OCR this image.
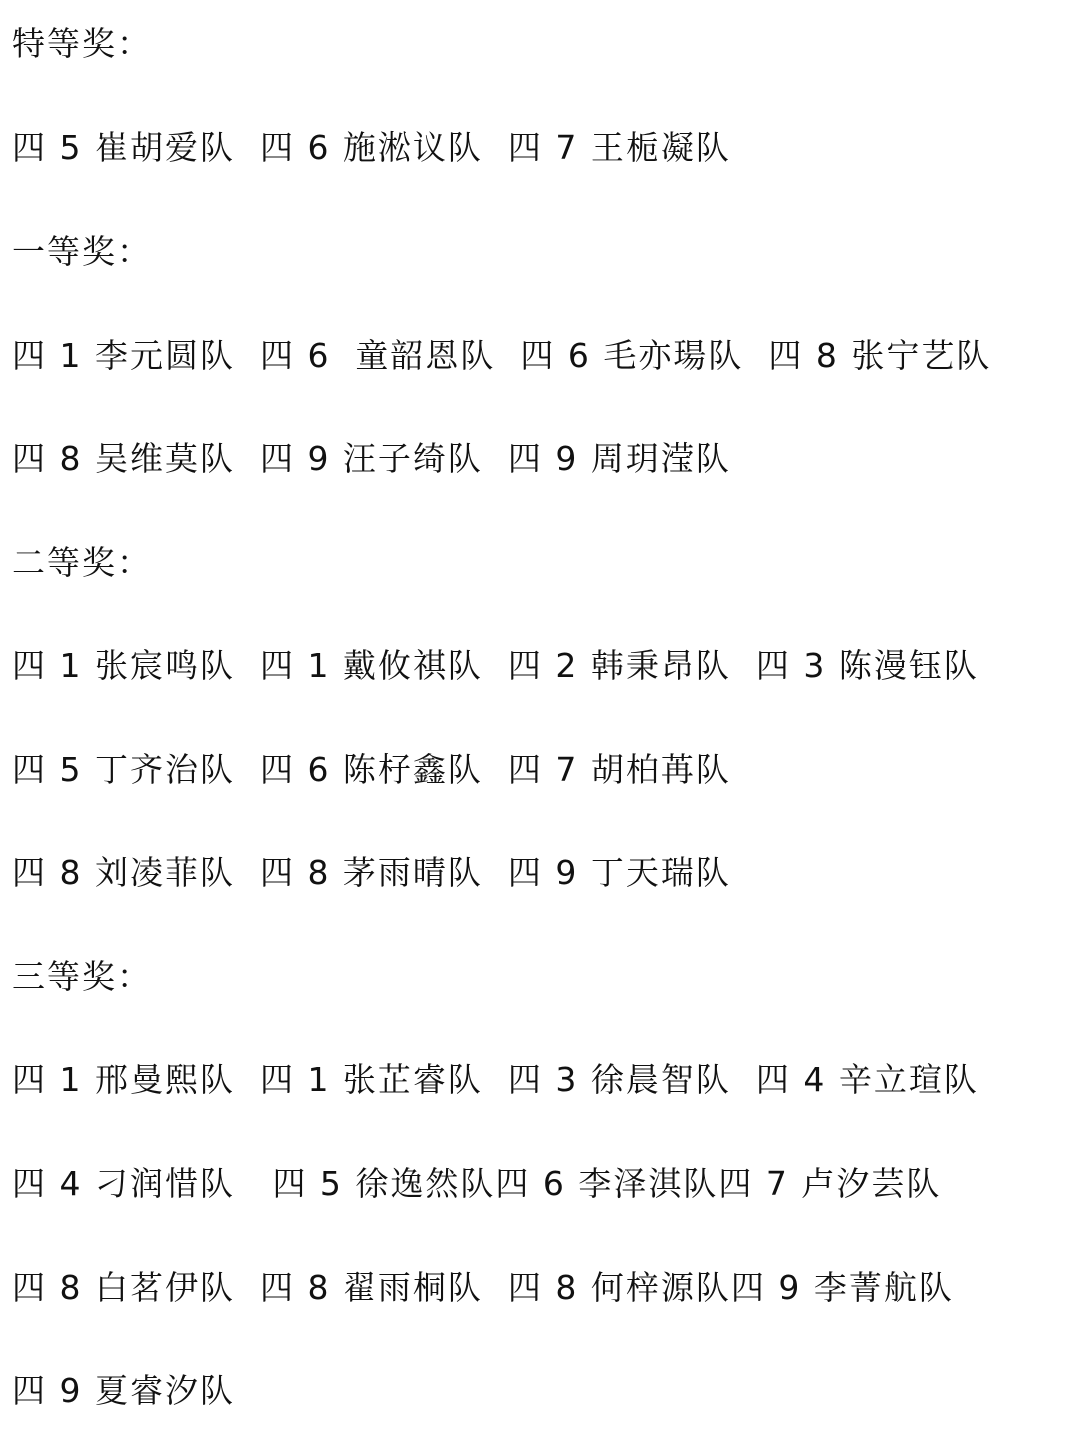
特等奖：
四 5 崔胡爱队  四 6 施淞议队  四 7 王栀凝队
一等奖：
四 1 李元圆队  四 6  童韶恩队  四 6 毛亦瑒队  四 8 张宁艺队
四 8 吴维莫队  四 9 汪子绮队  四 9 周玥滢队
二等奖：
四 1 张宸鸣队  四 1 戴攸祺队  四 2 韩秉昂队  四 3 陈漫钰队
四 5 丁齐治队  四 6 陈杍鑫队  四 7 胡柏苒队
四 8 刘凌菲队  四 8 茅雨晴队  四 9 丁天瑞队
三等奖：
四 1 邢曼熙队  四 1 张芷睿队  四 3 徐晨智队  四 4 辛立瑄队
四 4 刁润惜队   四 5 徐逸然队四 6 李泽淇队四 7 卢汐芸队
四 8 白茗伊队  四 8 翟雨桐队  四 8 何梓源队四 9 李菁航队
四 9 夏睿汐队
